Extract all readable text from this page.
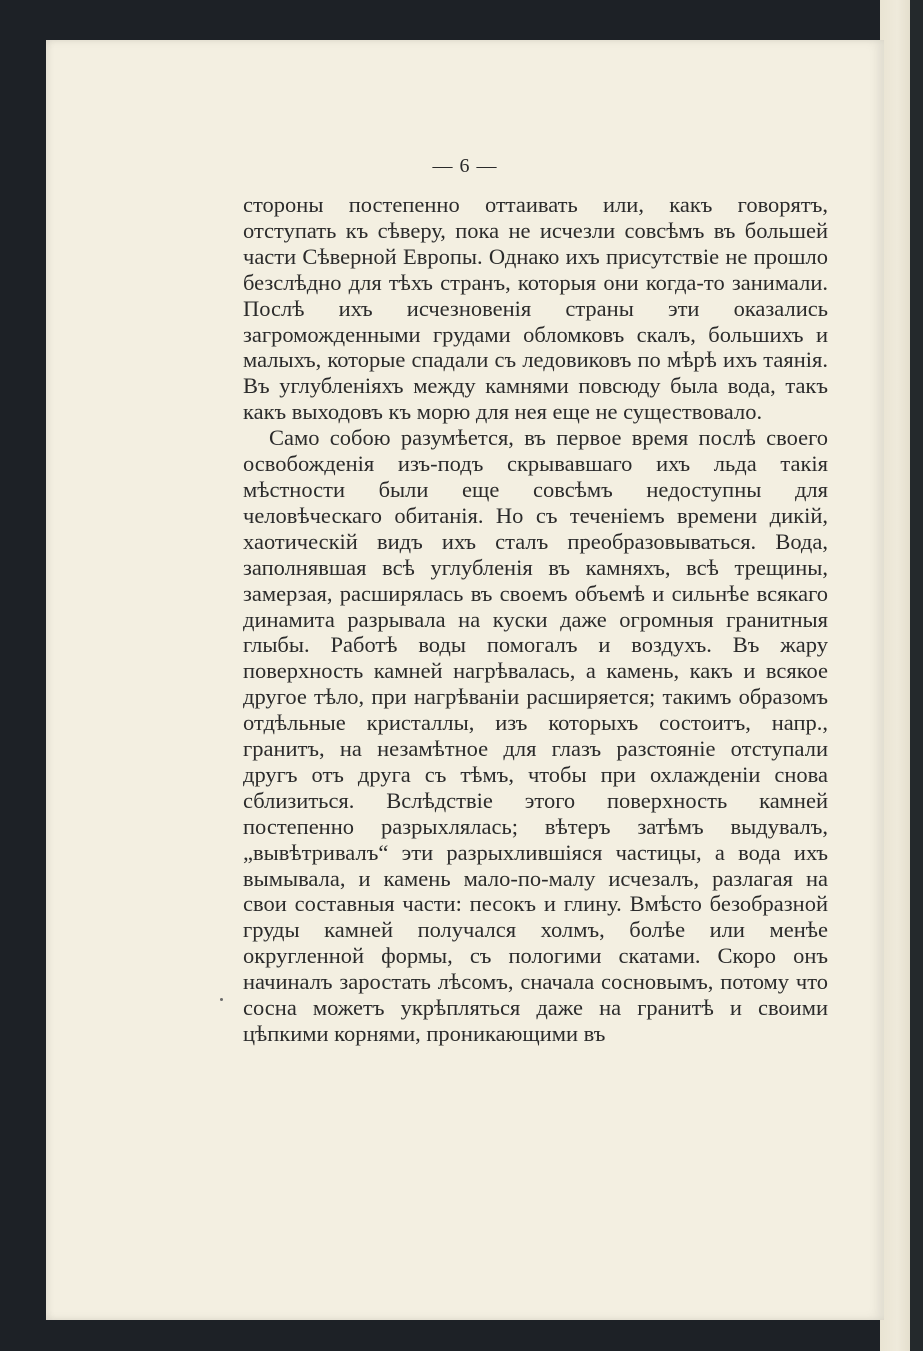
— 6 —

стороны постепенно оттаивать или, какъ говорятъ, отступать къ сѣверу, пока не исчезли совсѣмъ въ большей части Сѣверной Европы. Однако ихъ присутствіе не прошло безслѣдно для тѣхъ странъ, которыя они когда-то занимали. Послѣ ихъ исчезновенія страны эти оказались загроможденными грудами обломковъ скалъ, большихъ и малыхъ, которые спадали съ ледовиковъ по мѣрѣ ихъ таянія. Въ углубленіяхъ между камнями повсюду была вода, такъ какъ выходовъ къ морю для нея еще не существовало.

Само собою разумѣется, въ первое время послѣ своего освобожденія изъ-подъ скрывавшаго ихъ льда такія мѣстности были еще совсѣмъ недоступны для человѣческаго обитанія. Но съ теченіемъ времени дикій, хаотическій видъ ихъ сталъ преобразовываться. Вода, заполнявшая всѣ углубленія въ камняхъ, всѣ трещины, замерзая, расширялась въ своемъ объемѣ и сильнѣе всякаго динамита разрывала на куски даже огромныя гранитныя глыбы. Работѣ воды помогалъ и воздухъ. Въ жару поверхность камней нагрѣвалась, а камень, какъ и всякое другое тѣло, при нагрѣваніи расширяется; такимъ образомъ отдѣльные кристаллы, изъ которыхъ состоитъ, напр., гранитъ, на незамѣтное для глазъ разстояніе отступали другъ отъ друга съ тѣмъ, чтобы при охлажденіи снова сблизиться. Вслѣдствіе этого поверхность камней постепенно разрыхлялась; вѣтеръ затѣмъ выдувалъ, „вывѣтривалъ“ эти разрыхлившіяся частицы, а вода ихъ вымывала, и камень мало-по-малу исчезалъ, разлагая на свои составныя части: песокъ и глину. Вмѣсто безобразной груды камней получался холмъ, болѣе или менѣе округленной формы, съ пологими скатами. Скоро онъ начиналъ заростать лѣсомъ, сначала сосновымъ, потому что сосна можетъ укрѣпляться даже на гранитѣ и своими цѣпкими корнями, проникающими въ
